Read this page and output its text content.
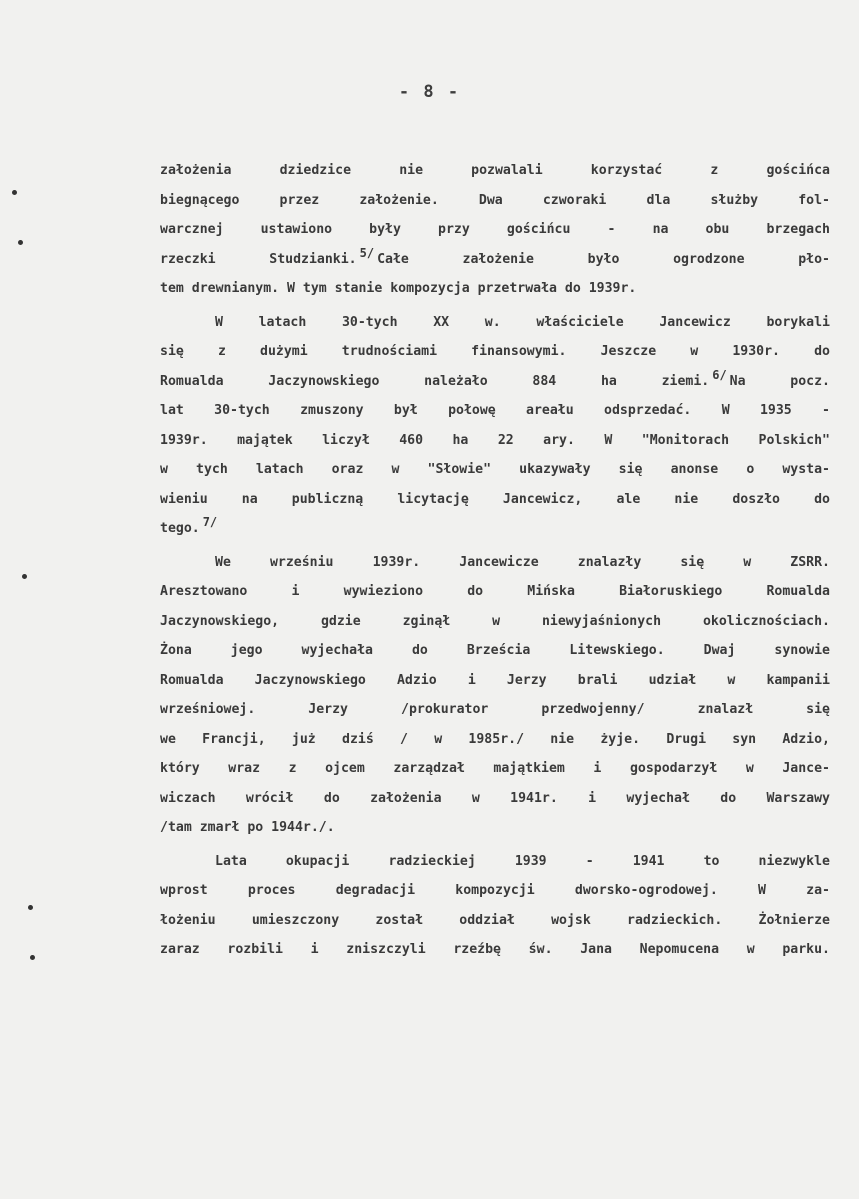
- 8 -
założenia dziedzice nie pozwalali korzystać z gościńca
biegnącego przez założenie. Dwa czworaki dla służby fol-
warcznej ustawiono były przy gościńcu - na obu brzegach
rzeczki Studzianki. 5/ Całe założenie było ogrodzone pło-
tem drewnianym. W tym stanie kompozycja przetrwała do 1939r.
W latach 30-tych XX w. właściciele Jancewicz borykali
się z dużymi trudnościami finansowymi. Jeszcze w 1930r. do
Romualda Jaczynowskiego należało 884 ha ziemi. 6/ Na pocz.
lat 30-tych zmuszony był połowę areału odsprzedać. W 1935 -
1939r. majątek liczył 460 ha 22 ary. W "Monitorach Polskich"
w tych latach oraz w "Słowie" ukazywały się anonse o wysta-
wieniu na publiczną licytację Jancewicz, ale nie doszło do
tego. 7/
We wrześniu 1939r. Jancewicze znalazły się w ZSRR.
Aresztowano i wywieziono do Mińska Białoruskiego Romualda
Jaczynowskiego, gdzie zginął w niewyjaśnionych okolicznościach.
Żona jego wyjechała do Brześcia Litewskiego. Dwaj synowie
Romualda Jaczynowskiego Adzio i Jerzy brali udział w kampanii
wrześniowej. Jerzy /prokurator przedwojenny/ znalazł się
we Francji, już dziś / w 1985r./ nie żyje. Drugi syn Adzio,
który wraz z ojcem zarządzał majątkiem i gospodarzył w Jance-
wiczach wrócił do założenia w 1941r. i wyjechał do Warszawy
/tam zmarł po 1944r./.
Lata okupacji radzieckiej 1939 - 1941 to niezwykle
wprost proces degradacji kompozycji dworsko-ogrodowej. W za-
łożeniu umieszczony został oddział wojsk radzieckich. Żołnierze
zaraz rozbili i zniszczyli rzeźbę św. Jana Nepomucena w parku.
